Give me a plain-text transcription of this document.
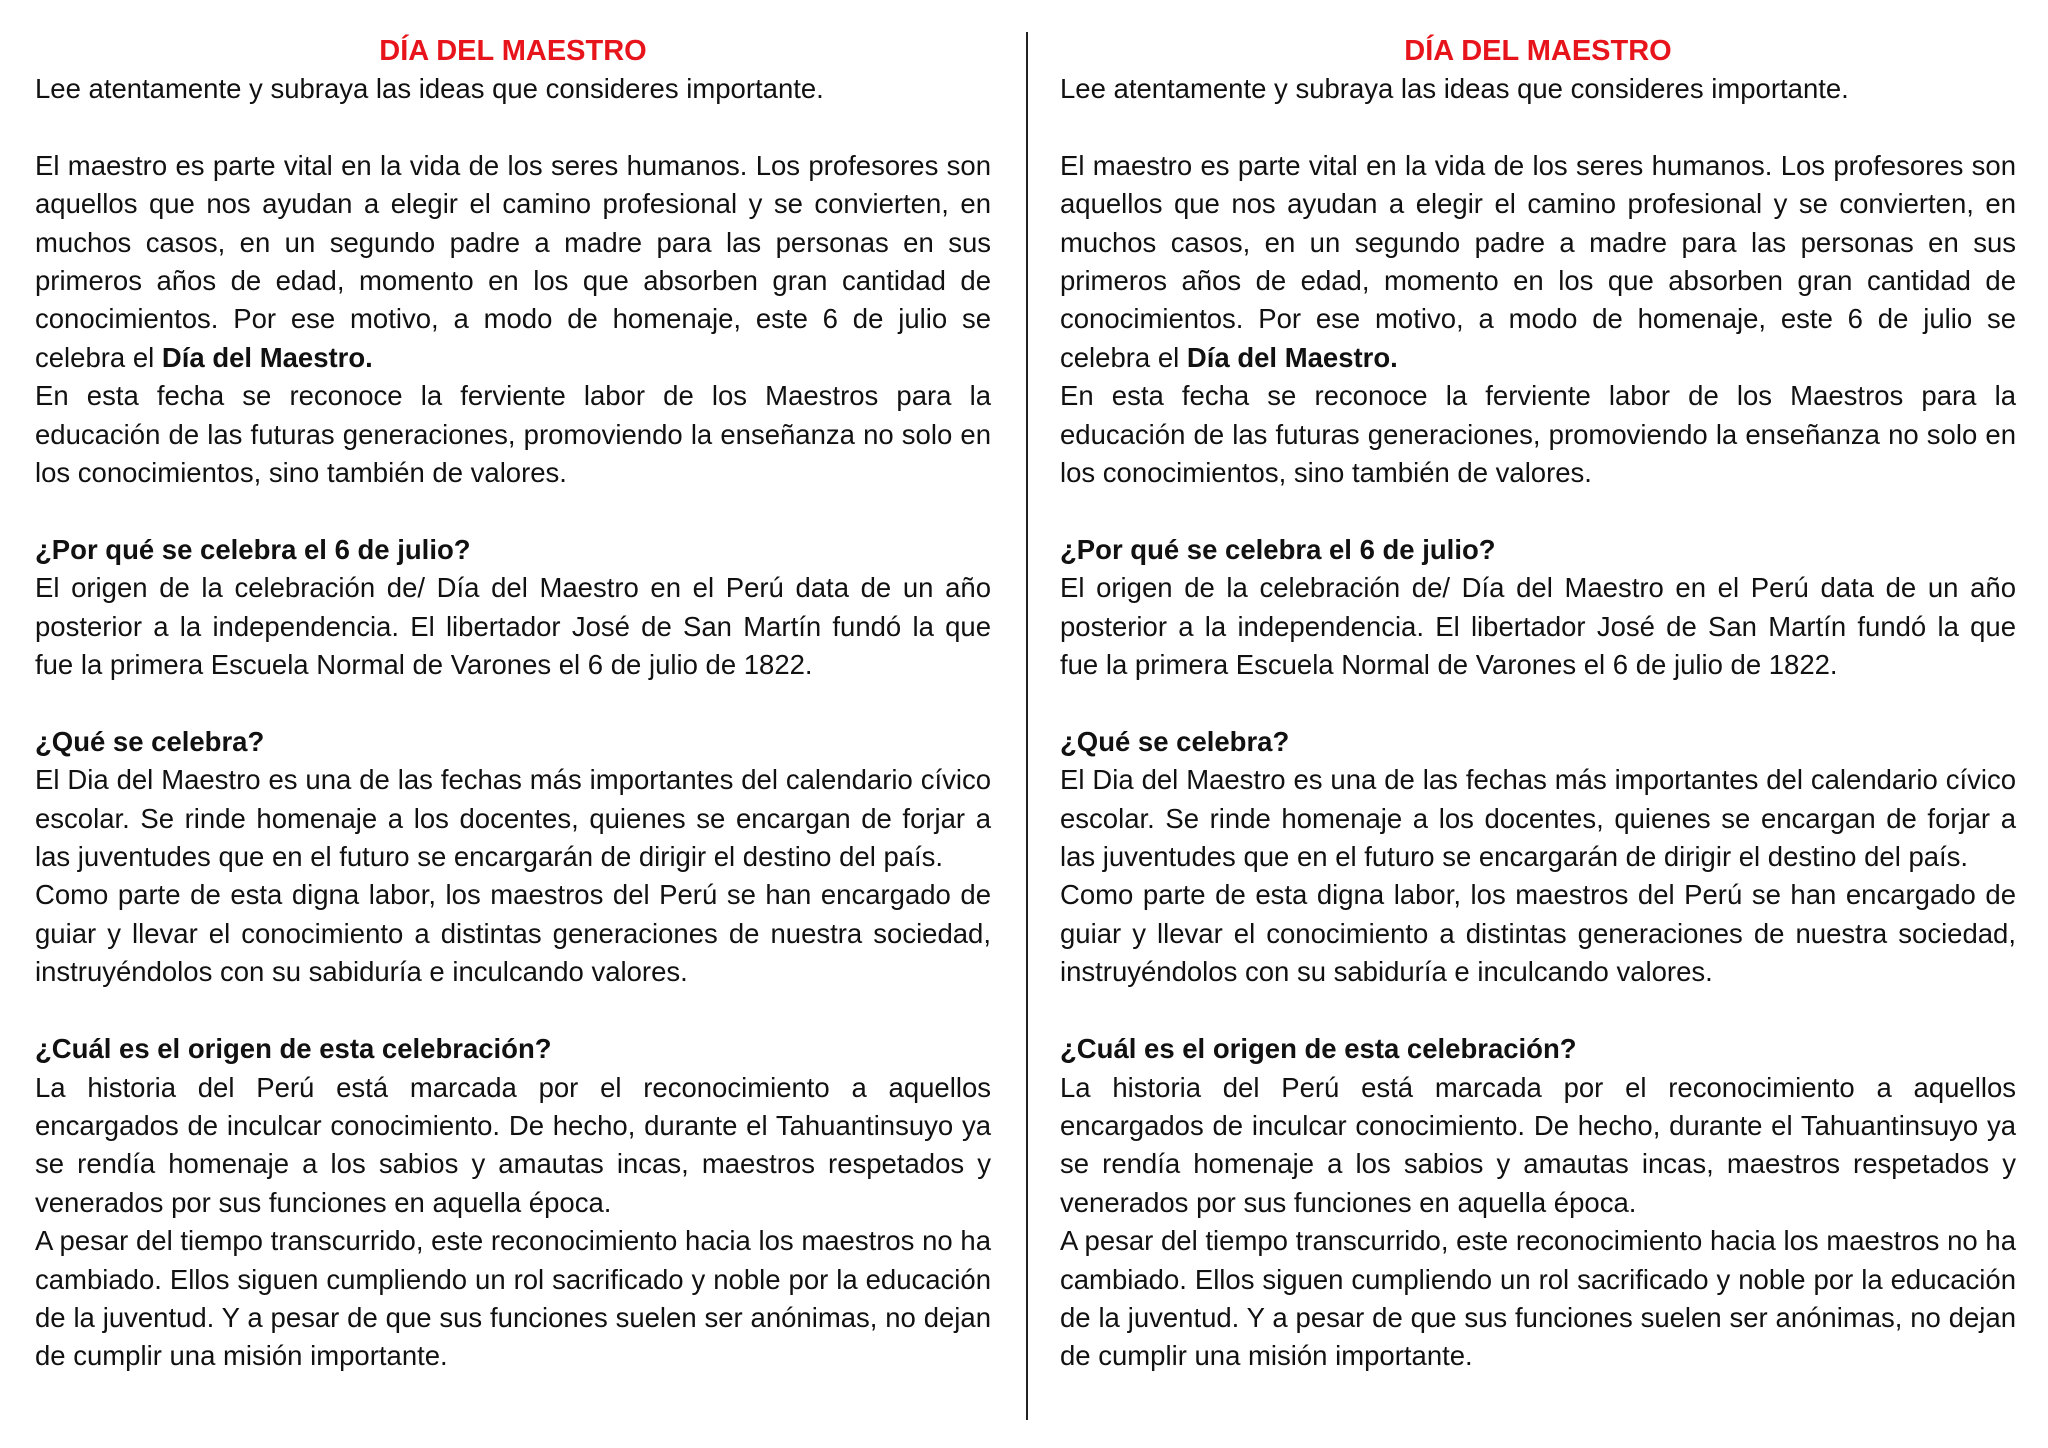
DÍA DEL MAESTRO

Lee atentamente y subraya las ideas que consideres importante.

El maestro es parte vital en la vida de los seres humanos. Los profesores son aquellos que nos ayudan a elegir el camino profesional y se convierten, en muchos casos, en un segundo padre a madre para las personas en sus primeros años de edad, momento en los que absorben gran cantidad de conocimientos. Por ese motivo, a modo de homenaje, este 6 de julio se celebra el Día del Maestro.

En esta fecha se reconoce la ferviente labor de los Maestros para la educación de las futuras generaciones, promoviendo la enseñanza no solo en los conocimientos, sino también de valores.

¿Por qué se celebra el 6 de julio?

El origen de la celebración de/ Día del Maestro en el Perú data de un año posterior a la independencia. El libertador José de San Martín fundó la que fue la primera Escuela Normal de Varones el 6 de julio de 1822.

¿Qué se celebra?

El Dia del Maestro es una de las fechas más importantes del calendario cívico escolar. Se rinde homenaje a los docentes, quienes se encargan de forjar a las juventudes que en el futuro se encargarán de dirigir el destino del país.

Como parte de esta digna labor, los maestros del Perú se han encargado de guiar y llevar el conocimiento a distintas generaciones de nuestra sociedad, instruyéndolos con su sabiduría e inculcando valores.

¿Cuál es el origen de esta celebración?

La historia del Perú está marcada por el reconocimiento a aquellos encargados de inculcar conocimiento. De hecho, durante el Tahuantinsuyo ya se rendía homenaje a los sabios y amautas incas, maestros respetados y venerados por sus funciones en aquella época.

A pesar del tiempo transcurrido, este reconocimiento hacia los maestros no ha cambiado. Ellos siguen cumpliendo un rol sacrificado y noble por la educación de la juventud. Y a pesar de que sus funciones suelen ser anónimas, no dejan de cumplir una misión importante.

DÍA DEL MAESTRO

Lee atentamente y subraya las ideas que consideres importante.

El maestro es parte vital en la vida de los seres humanos. Los profesores son aquellos que nos ayudan a elegir el camino profesional y se convierten, en muchos casos, en un segundo padre a madre para las personas en sus primeros años de edad, momento en los que absorben gran cantidad de conocimientos. Por ese motivo, a modo de homenaje, este 6 de julio se celebra el Día del Maestro.

En esta fecha se reconoce la ferviente labor de los Maestros para la educación de las futuras generaciones, promoviendo la enseñanza no solo en los conocimientos, sino también de valores.

¿Por qué se celebra el 6 de julio?

El origen de la celebración de/ Día del Maestro en el Perú data de un año posterior a la independencia. El libertador José de San Martín fundó la que fue la primera Escuela Normal de Varones el 6 de julio de 1822.

¿Qué se celebra?

El Dia del Maestro es una de las fechas más importantes del calendario cívico escolar. Se rinde homenaje a los docentes, quienes se encargan de forjar a las juventudes que en el futuro se encargarán de dirigir el destino del país.

Como parte de esta digna labor, los maestros del Perú se han encargado de guiar y llevar el conocimiento a distintas generaciones de nuestra sociedad, instruyéndolos con su sabiduría e inculcando valores.

¿Cuál es el origen de esta celebración?

La historia del Perú está marcada por el reconocimiento a aquellos encargados de inculcar conocimiento. De hecho, durante el Tahuantinsuyo ya se rendía homenaje a los sabios y amautas incas, maestros respetados y venerados por sus funciones en aquella época.

A pesar del tiempo transcurrido, este reconocimiento hacia los maestros no ha cambiado. Ellos siguen cumpliendo un rol sacrificado y noble por la educación de la juventud. Y a pesar de que sus funciones suelen ser anónimas, no dejan de cumplir una misión importante.
